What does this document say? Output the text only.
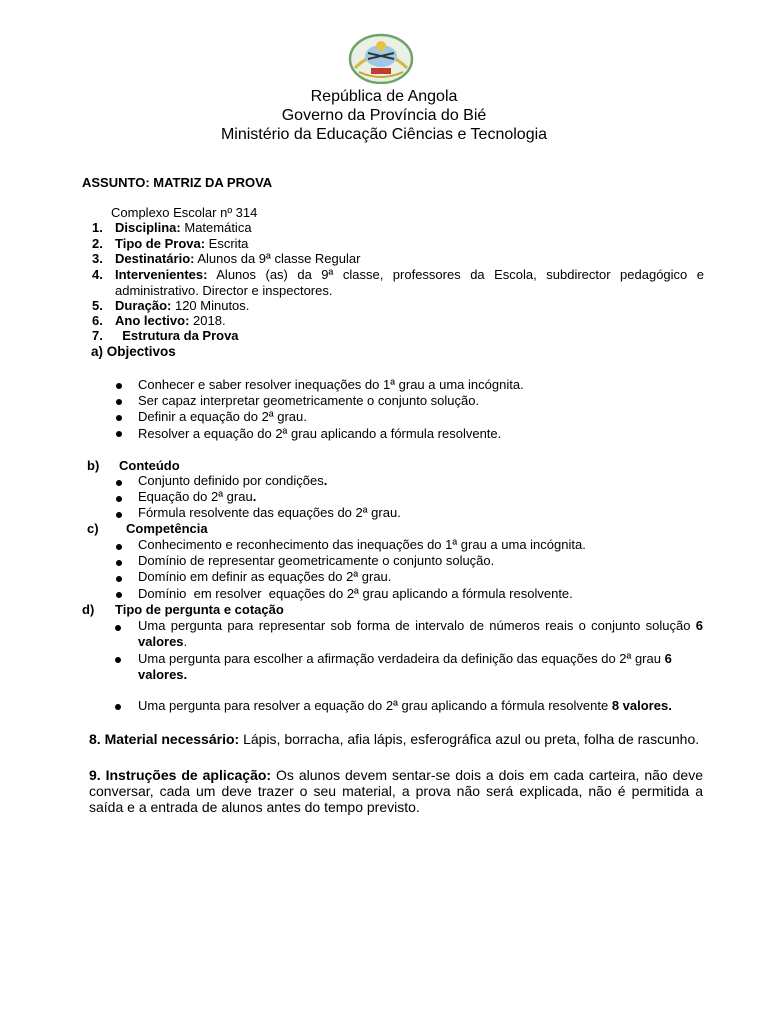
República de Angola
Governo da Província do Bié
Ministério da Educação Ciências e Tecnologia
ASSUNTO: MATRIZ DA PROVA
Complexo Escolar nº 314
1. Disciplina: Matemática
2. Tipo de Prova: Escrita
3. Destinatário: Alunos da 9ª classe Regular
4. Intervenientes: Alunos (as) da 9ª classe, professores da Escola, subdirector pedagógico e administrativo. Director e inspectores.
5. Duração: 120 Minutos.
6. Ano lectivo: 2018.
7. Estrutura da Prova
a) Objectivos
Conhecer e saber resolver inequações do 1ª grau a uma incógnita.
Ser capaz interpretar geometricamente o conjunto solução.
Definir a equação do 2ª grau.
Resolver a equação do 2ª grau aplicando a fórmula resolvente.
b) Conteúdo
Conjunto definido por condições.
Equação do 2ª grau.
Fórmula resolvente das equações do 2ª grau.
c) Competência
Conhecimento e reconhecimento das inequações do 1ª grau a uma incógnita.
Domínio de representar geometricamente o conjunto solução.
Domínio em definir as equações do 2ª grau.
Domínio  em resolver  equações do 2ª grau aplicando a fórmula resolvente.
d) Tipo de pergunta e cotação
Uma pergunta para representar sob forma de intervalo de números reais o conjunto solução 6 valores.
Uma pergunta para escolher a afirmação verdadeira da definição das equações do 2ª grau 6
valores.
Uma pergunta para resolver a equação do 2ª grau aplicando a fórmula resolvente 8 valores.
8. Material necessário: Lápis, borracha, afia lápis, esferográfica azul ou preta, folha de rascunho.
9. Instruções de aplicação: Os alunos devem sentar-se dois a dois em cada carteira, não deve conversar, cada um deve trazer o seu material, a prova não será explicada, não é permitida a saída e a entrada de alunos antes do tempo previsto.
